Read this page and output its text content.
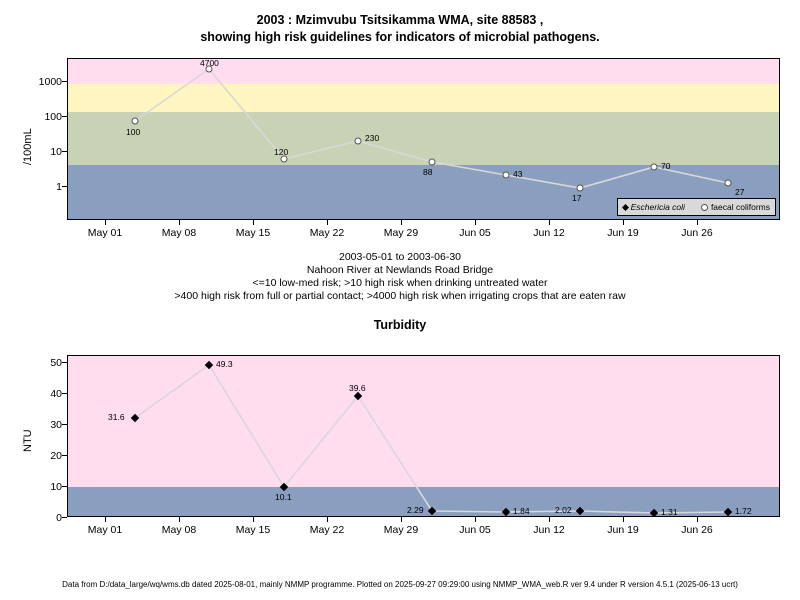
2003 : Mzimvubu Tsitsikamma WMA, site 88583 ,
showing high risk guidelines for indicators of microbial pathogens.
/100mL	100
4700
120
230
88	43
17
70
27
Eschericia coli	faecal coliforms
1000
100
10
1
May 01	May 08	May 15	May 22	May 29	Jun 05	Jun 12	Jun 19	Jun 26
2003-05-01 to 2003-06-30
Nahoon River at Newlands Road Bridge
<=10 low-med risk; >10 high risk when drinking untreated water
>400 high risk from full or partial contact; >4000 high risk when irrigating crops that are eaten raw
Turbidity
NTU
31.6
49.3
10.1
39.6
2.29	1.84	2.02	1.31	1.72
50
40
30
20
10
0
May 01	May 08	May 15	May 22	May 29	Jun 05	Jun 12	Jun 19	Jun 26
Data from D:/data_large/wq/wms.db dated 2025-08-01, mainly NMMP programme. Plotted on 2025-09-27 09:29:00 using NMMP_WMA_web.R ver 9.4 under R version 4.5.1 (2025-06-13 ucrt)
